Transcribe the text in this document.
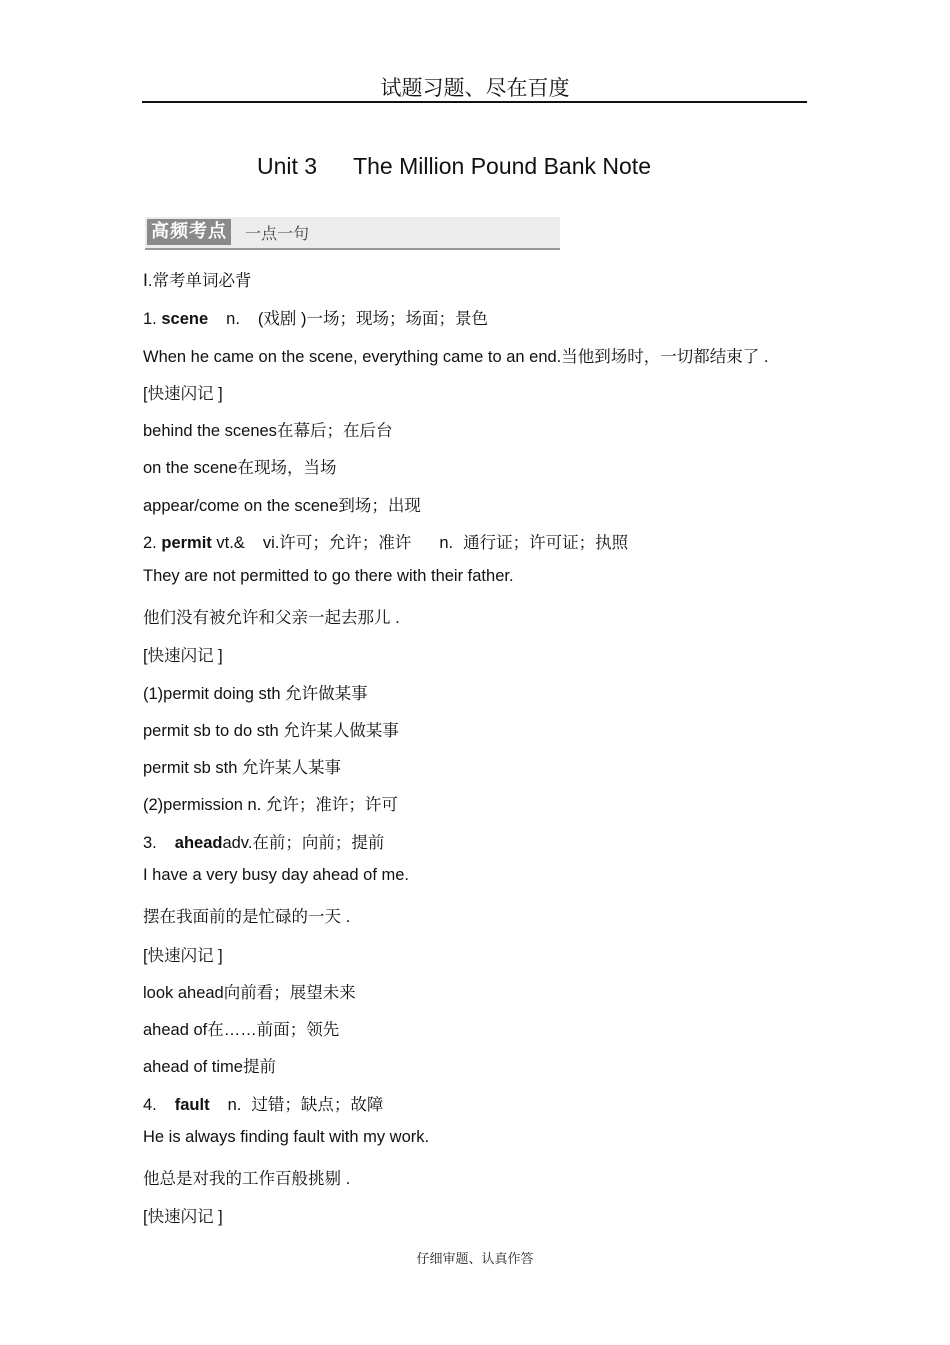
试题习题、尽在百度
Unit 3 The Million Pound Bank Note
高频考点 一点一句
Ⅰ.常考单词必背
1. scene n. (戏剧 )一场；现场；场面；景色
When he came on the scene, everything came to an end.当他到场时，一切都结束了 .
[快速闪记 ]
behind the scenes在幕后；在后台
on the scene在现场，当场
appear/come on the scene到场；出现
2. permit vt.& vi.许可；允许；准许 n. 通行证；许可证；执照
They are not permitted to go there with their father.
他们没有被允许和父亲一起去那儿 .
[快速闪记 ]
(1)permit doing sth 允许做某事
permit sb to do sth 允许某人做某事
permit sb sth 允许某人某事
(2)permission n. 允许；准许；许可
3. aheadadv.在前；向前；提前
I have a very busy day ahead of me.
摆在我面前的是忙碌的一天 .
[快速闪记 ]
look ahead向前看；展望未来
ahead of在……前面；领先
ahead of time提前
4. fault n. 过错；缺点；故障
He is always finding fault with my work.
他总是对我的工作百般挑剔 .
[快速闪记 ]
仔细审题、认真作答
